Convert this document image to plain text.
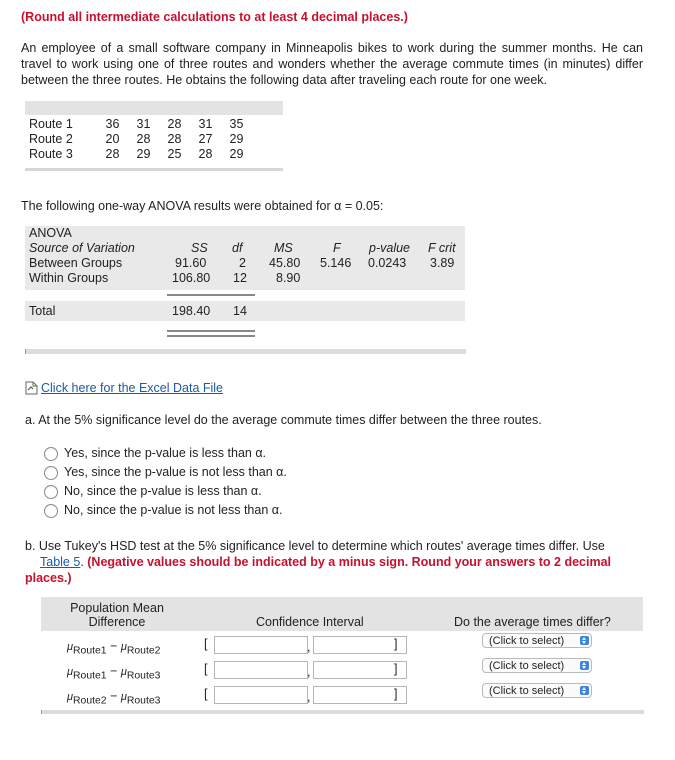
(Round all intermediate calculations to at least 4 decimal places.)
An employee of a small software company in Minneapolis bikes to work during the summer months. He can travel to work using one of three routes and wonders whether the average commute times (in minutes) differ between the three routes. He obtains the following data after traveling each route for one week.
Route 1	36	31	28	31	35
Route 2	20	28	28	27	29
Route 3	28	29	25	28	29
The following one-way ANOVA results were obtained for α = 0.05:
ANOVA
Source of Variation	SS df	MS	F p-value F crit
Between Groups	91.60	2 45.80 5.146 0.0243 3.89
Within Groups	106.80 12 8.90
Total	198.40 14
Click here for the Excel Data File
a. At the 5% significance level do the average commute times differ between the three routes.
Yes, since the p-value is less than α.
Yes, since the p-value is not less than α.
No, since the p-value is less than α.
No, since the p-value is not less than α.
b. Use Tukey's HSD test at the 5% significance level to determine which routes' average times differ. Use
Table 5. (Negative values should be indicated by a minus sign. Round your answers to 2 decimal places.)
Population Mean
Difference	Confidence Interval	Do the average times differ?
$\mu_{Route1} - \mu_{Route2}$	[	,	]	(Click to select)
$\mu_{Route1} - \mu_{Route3}$	[	,	]	(Click to select)
$\mu_{Route2} - \mu_{Route3}$	[	,	]	(Click to select)
